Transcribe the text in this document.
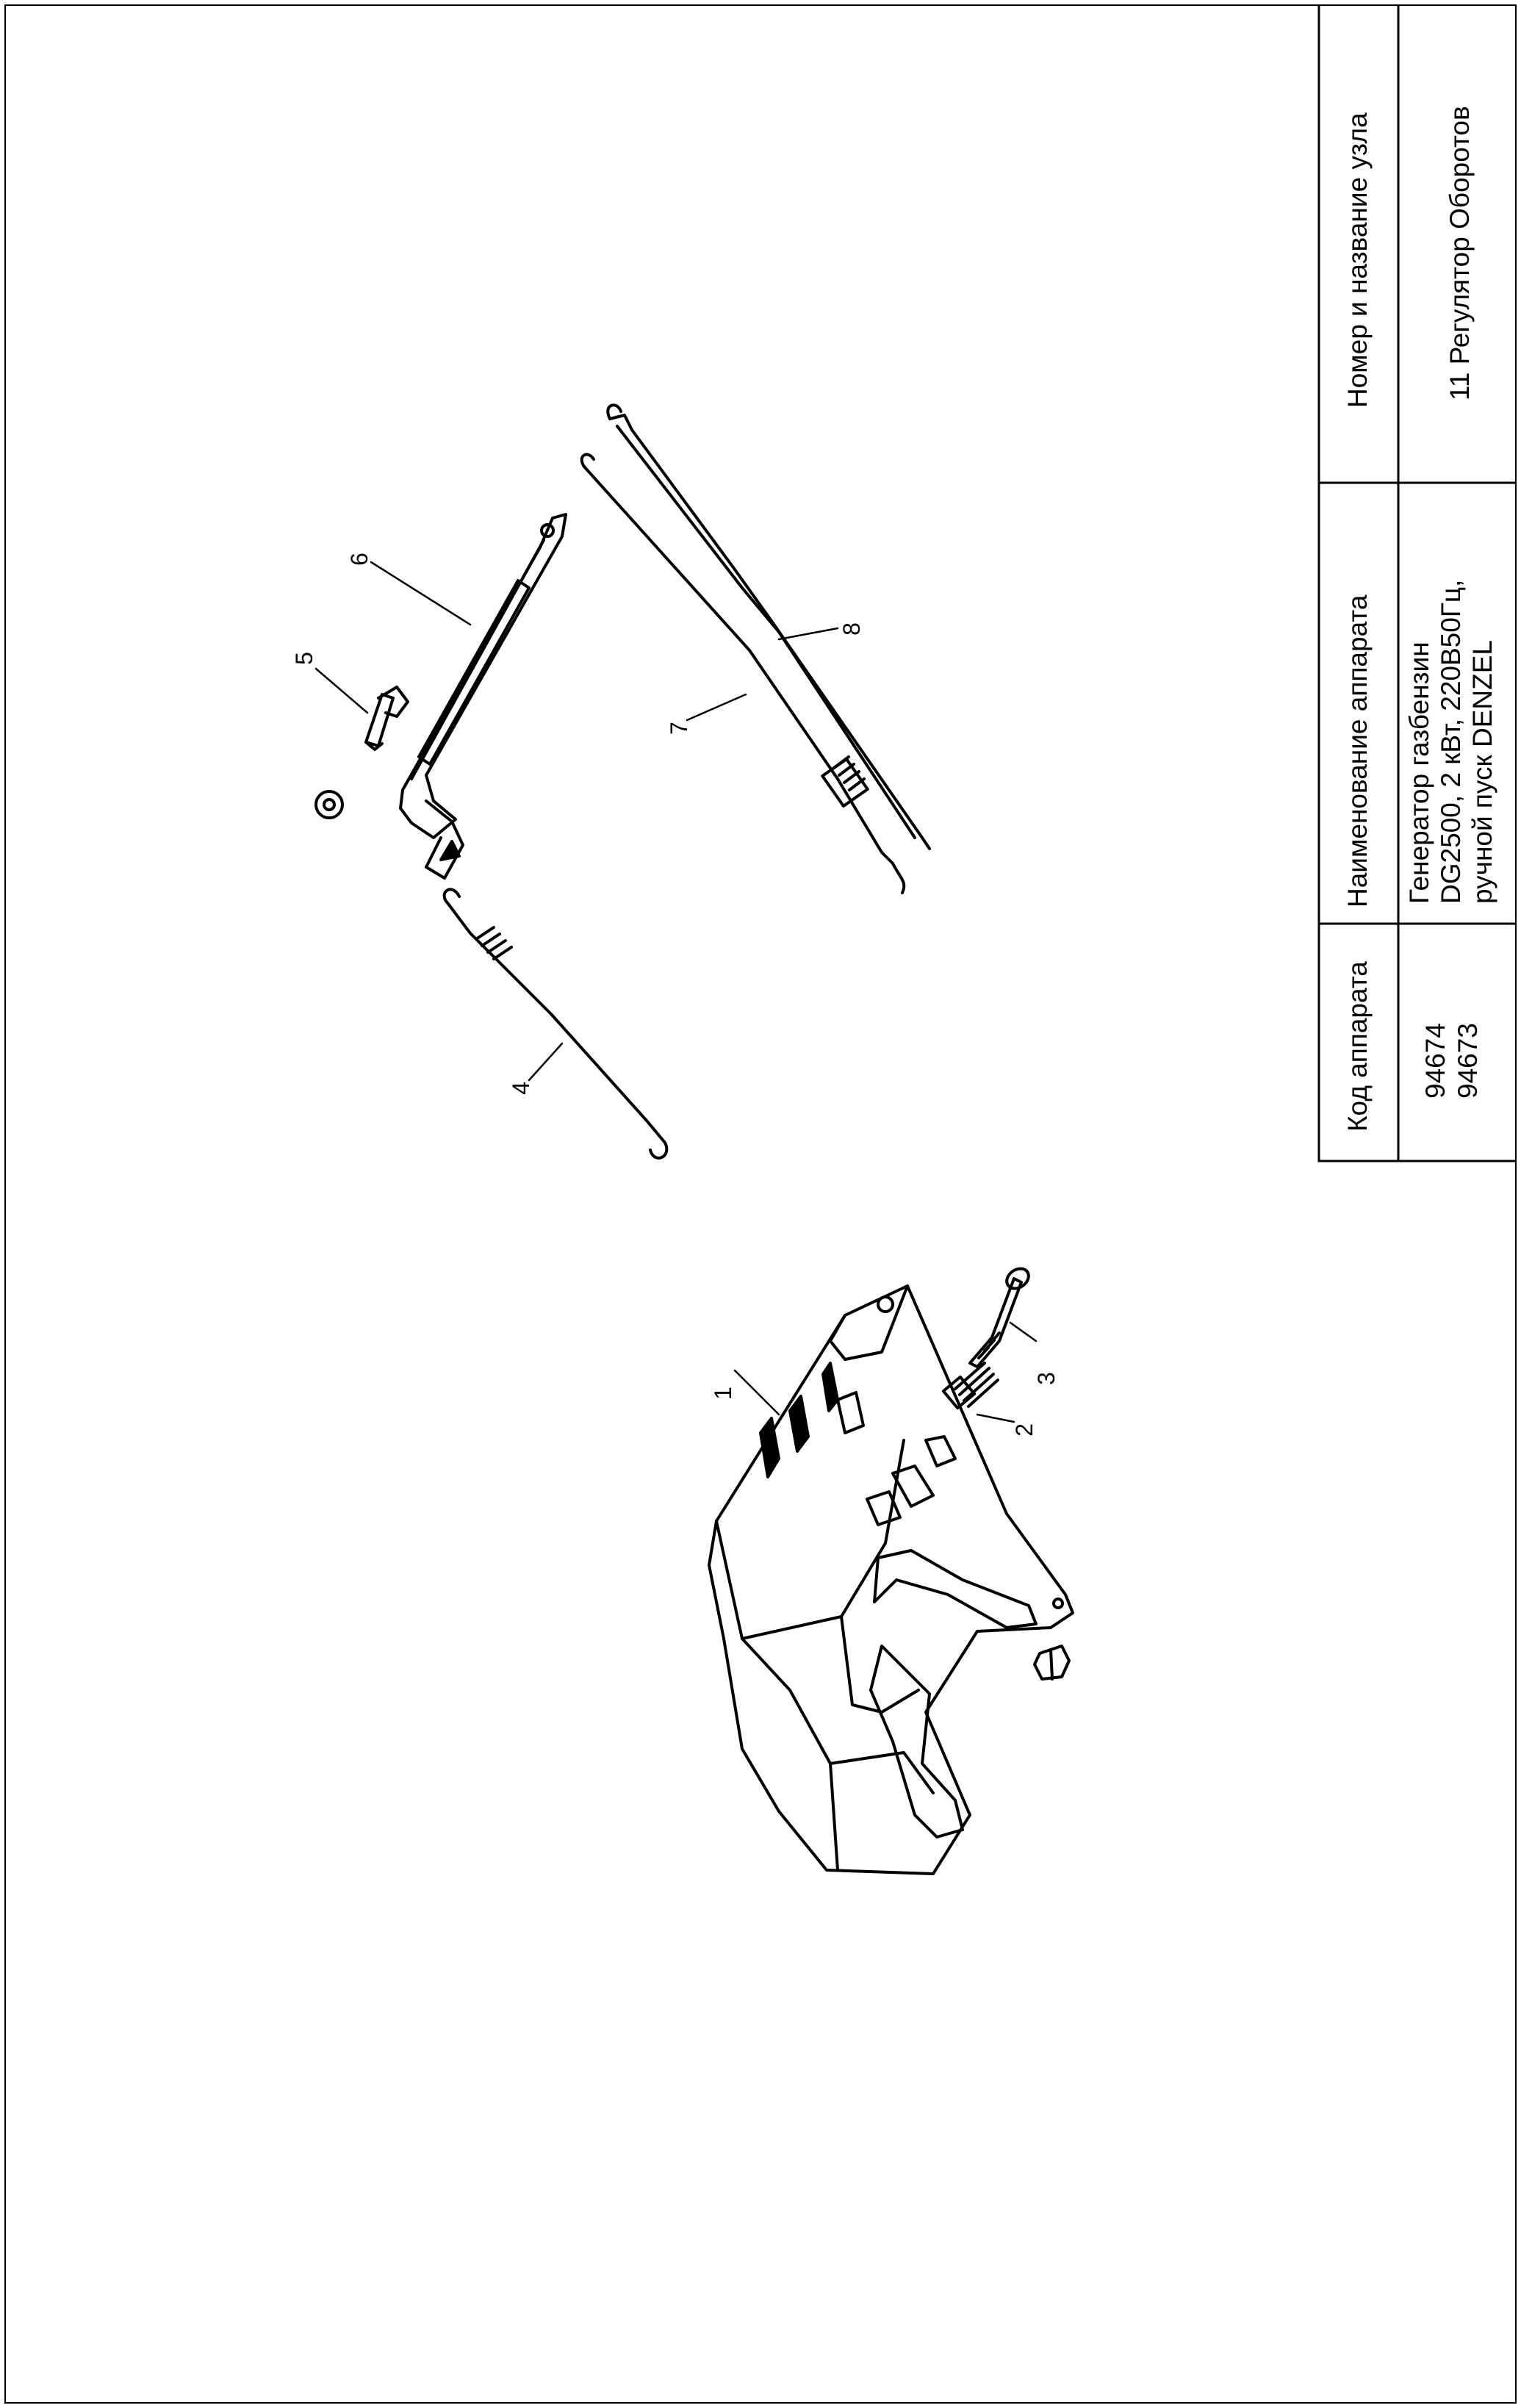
1
2
3
4
5
6
7
8
Код аппарата
Наименование аппарата
Номер и название узла
94674 94673
Генератор газбензин DG2500, 2 кВт, 220В50Гц, ручной пуск DENZEL
11 Регулятор Оборотов
